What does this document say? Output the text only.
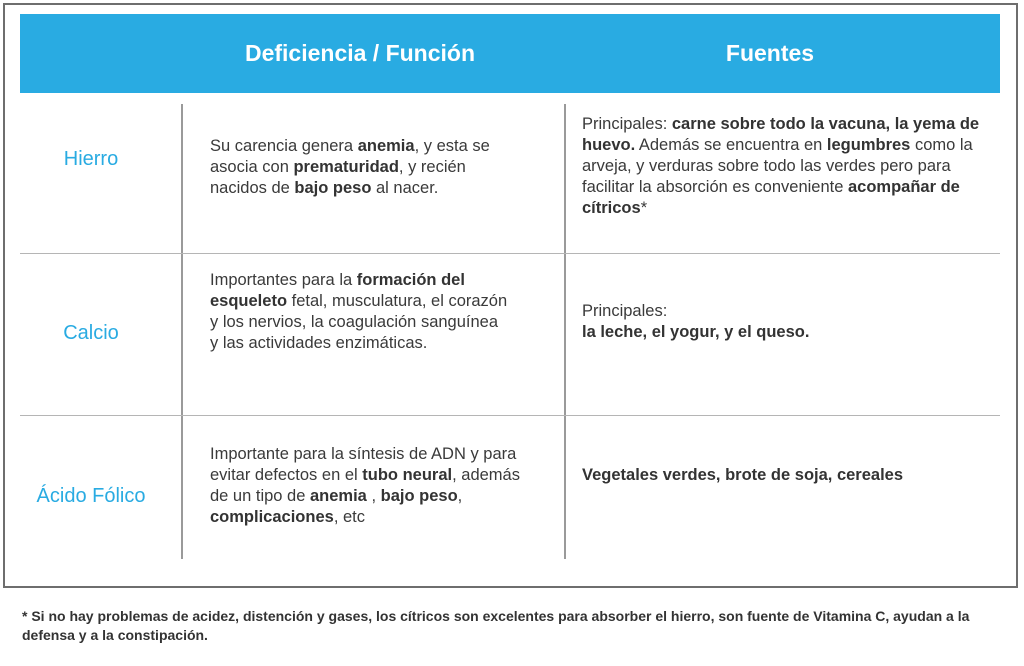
Deficiencia / Función	Fuentes
Hierro
Su carencia genera anemia, y esta se asocia con prematuridad, y recién nacidos de bajo peso al nacer.
Principales: carne sobre todo la vacuna, la yema de huevo. Además se encuentra en legumbres como la arveja, y verduras sobre todo las verdes pero para facilitar la absorción es conveniente acompañar de cítricos*
Calcio
Importantes para la formación del esqueleto fetal, musculatura, el corazón y los nervios, la coagulación sanguínea y las actividades enzimáticas.
Principales:
la leche, el yogur, y el queso.
Ácido Fólico
Importante para la síntesis de ADN y para evitar defectos en el tubo neural, además de un tipo de anemia , bajo peso, complicaciones, etc
Vegetales verdes, brote de soja, cereales
* Si no hay problemas de acidez, distención y gases, los cítricos son excelentes para absorber el hierro, son fuente de Vitamina C, ayudan a la defensa y a la constipación.
